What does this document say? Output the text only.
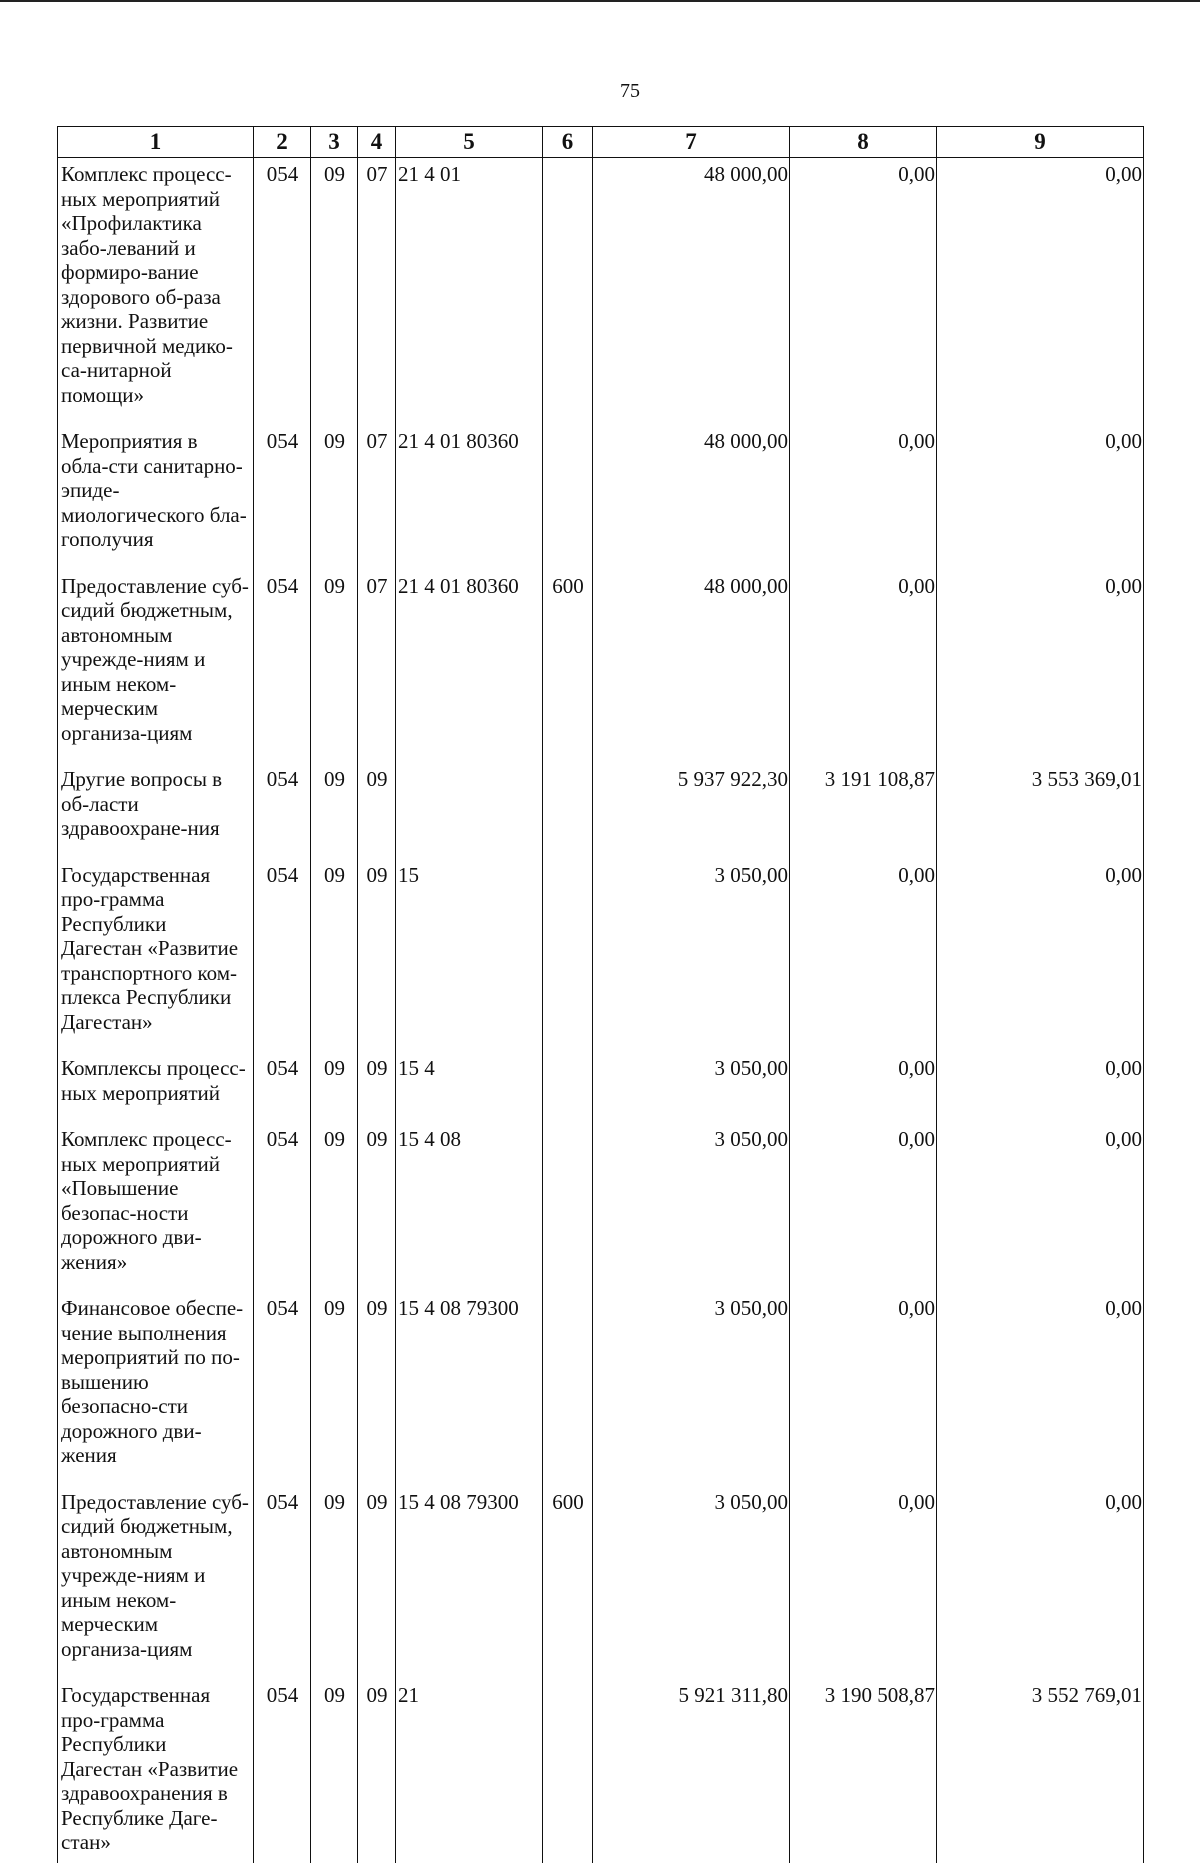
75
1	2	3	4	5	6	7	8	9
Комплекс процесс-ных мероприятий «Профилактика забо-леваний и формиро-вание здорового об-раза жизни. Развитие первичной медико-са-нитарной помощи»	054	09	07	21 4 01		48 000,00	0,00	0,00
Мероприятия в обла-сти санитарно-эпиде-миологического бла-гополучия	054	09	07	21 4 01 80360		48 000,00	0,00	0,00
Предоставление суб-сидий бюджетным, автономным учрежде-ниям и иным неком-мерческим организа-циям	054	09	07	21 4 01 80360	600	48 000,00	0,00	0,00
Другие вопросы в об-ласти здравоохране-ния	054	09	09			5 937 922,30	3 191 108,87	3 553 369,01
Государственная про-грамма Республики Дагестан «Развитие транспортного ком-плекса Республики Дагестан»	054	09	09	15		3 050,00	0,00	0,00
Комплексы процесс-ных мероприятий	054	09	09	15 4		3 050,00	0,00	0,00
Комплекс процесс-ных мероприятий «Повышение безопас-ности дорожного дви-жения»	054	09	09	15 4 08		3 050,00	0,00	0,00
Финансовое обеспе-чение выполнения мероприятий по по-вышению безопасно-сти дорожного дви-жения	054	09	09	15 4 08 79300		3 050,00	0,00	0,00
Предоставление суб-сидий бюджетным, автономным учрежде-ниям и иным неком-мерческим организа-циям	054	09	09	15 4 08 79300	600	3 050,00	0,00	0,00
Государственная про-грамма Республики Дагестан «Развитие здравоохранения в Республике Даге-стан»	054	09	09	21		5 921 311,80	3 190 508,87	3 552 769,01
